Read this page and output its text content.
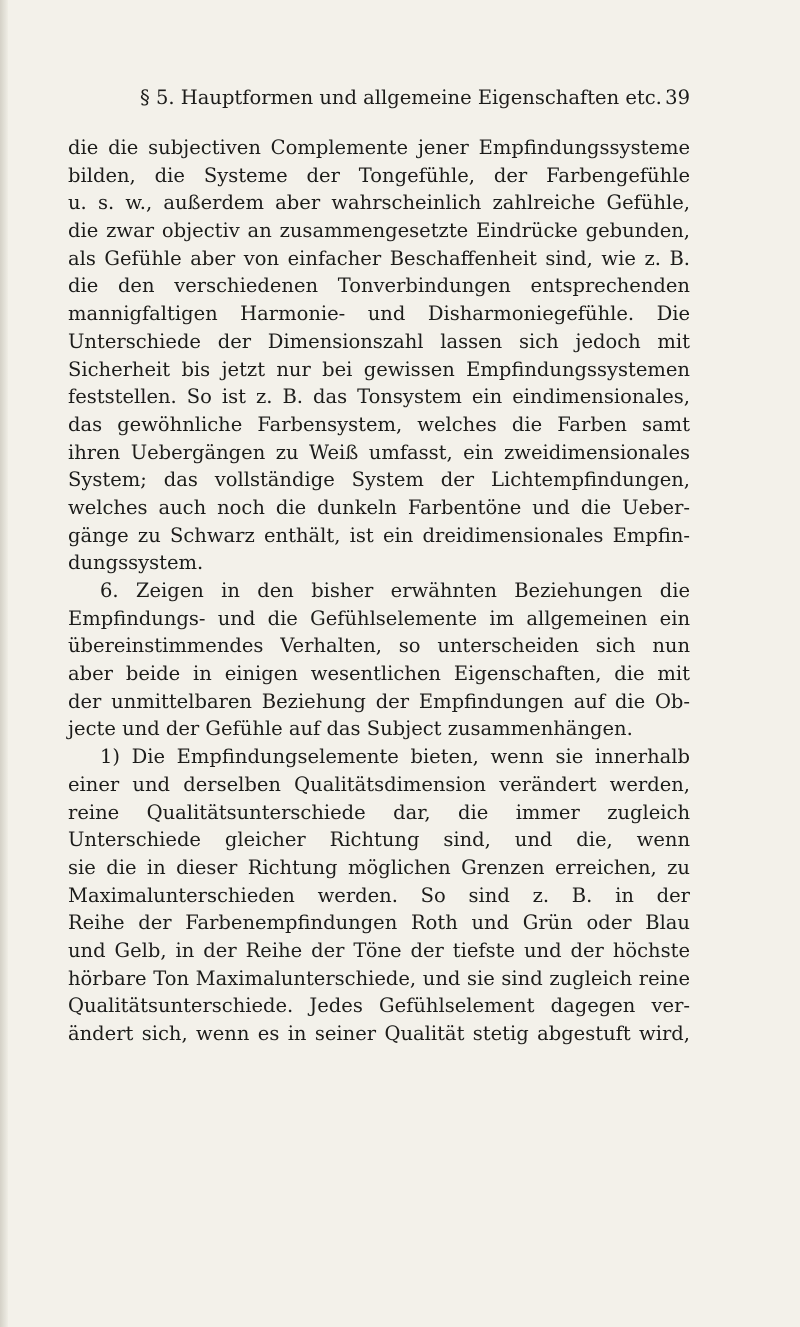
§ 5. Hauptformen und allgemeine Eigenschaften etc. 39
die die subjectiven Complemente jener Empfindungssysteme
bilden, die Systeme der Tongefühle, der Farbengefühle
u. s. w., außerdem aber wahrscheinlich zahlreiche Gefühle,
die zwar objectiv an zusammengesetzte Eindrücke gebunden,
als Gefühle aber von einfacher Beschaffenheit sind, wie z. B.
die den verschiedenen Tonverbindungen entsprechenden
mannigfaltigen Harmonie- und Disharmoniegefühle. Die
Unterschiede der Dimensionszahl lassen sich jedoch mit
Sicherheit bis jetzt nur bei gewissen Empfindungssystemen
feststellen. So ist z. B. das Tonsystem ein eindimensionales,
das gewöhnliche Farbensystem, welches die Farben samt
ihren Uebergängen zu Weiß umfasst, ein zweidimensionales
System; das vollständige System der Lichtempfindungen,
welches auch noch die dunkeln Farbentöne und die Ueber-
gänge zu Schwarz enthält, ist ein dreidimensionales Empfin-
dungssystem.
6. Zeigen in den bisher erwähnten Beziehungen die
Empfindungs- und die Gefühlselemente im allgemeinen ein
übereinstimmendes Verhalten, so unterscheiden sich nun
aber beide in einigen wesentlichen Eigenschaften, die mit
der unmittelbaren Beziehung der Empfindungen auf die Ob-
jecte und der Gefühle auf das Subject zusammenhängen.
1) Die Empfindungselemente bieten, wenn sie innerhalb
einer und derselben Qualitätsdimension verändert werden,
reine Qualitätsunterschiede dar, die immer zugleich
Unterschiede gleicher Richtung sind, und die, wenn
sie die in dieser Richtung möglichen Grenzen erreichen, zu
Maximalunterschieden werden. So sind z. B. in der
Reihe der Farbenempfindungen Roth und Grün oder Blau
und Gelb, in der Reihe der Töne der tiefste und der höchste
hörbare Ton Maximalunterschiede, und sie sind zugleich reine
Qualitätsunterschiede. Jedes Gefühlselement dagegen ver-
ändert sich, wenn es in seiner Qualität stetig abgestuft wird,
